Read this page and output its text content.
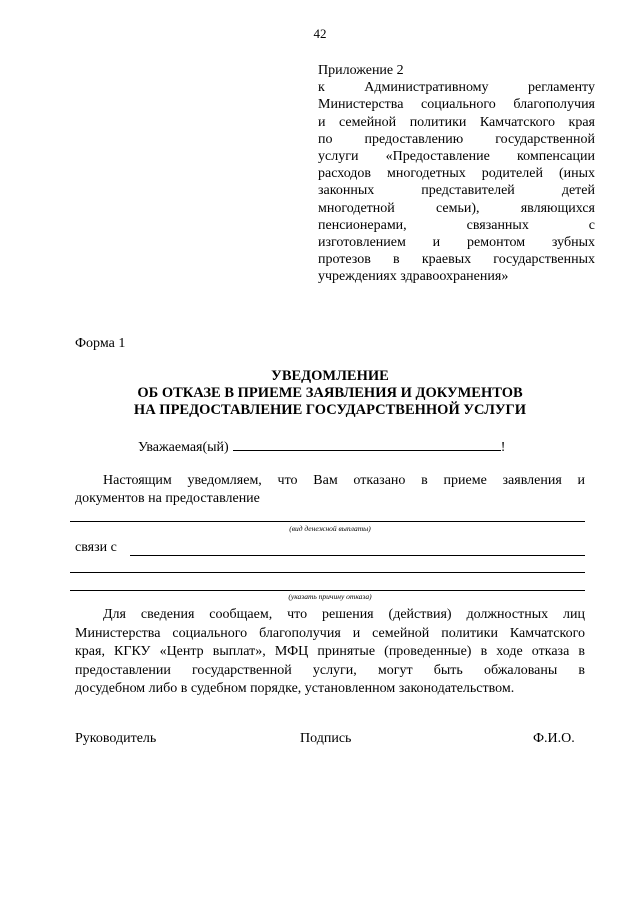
42
Приложение 2
к Административному регламенту
Министерства социального благополучия
и семейной политики Камчатского края
по предоставлению государственной
услуги «Предоставление компенсации
расходов многодетных родителей (иных
законных представителей детей
многодетной семьи), являющихся
пенсионерами, связанных с
изготовлением и ремонтом зубных
протезов в краевых государственных
учреждениях здравоохранения»
Форма 1
УВЕДОМЛЕНИЕ
ОБ ОТКАЗЕ В ПРИЕМЕ ЗАЯВЛЕНИЯ И ДОКУМЕНТОВ
НА ПРЕДОСТАВЛЕНИЕ ГОСУДАРСТВЕННОЙ УСЛУГИ
Уважаемая(ый)	!
Настоящим уведомляем, что Вам отказано в приеме заявления и
документов на предоставление
(вид денежной выплаты)
связи с
(указать причину отказа)
Для сведения сообщаем, что решения (действия) должностных лиц
Министерства социального благополучия и семейной политики Камчатского
края, КГКУ «Центр выплат», МФЦ принятые (проведенные) в ходе отказа в
предоставлении государственной услуги, могут быть обжалованы в
досудебном либо в судебном порядке, установленном законодательством.
Руководитель	Подпись	Ф.И.О.
